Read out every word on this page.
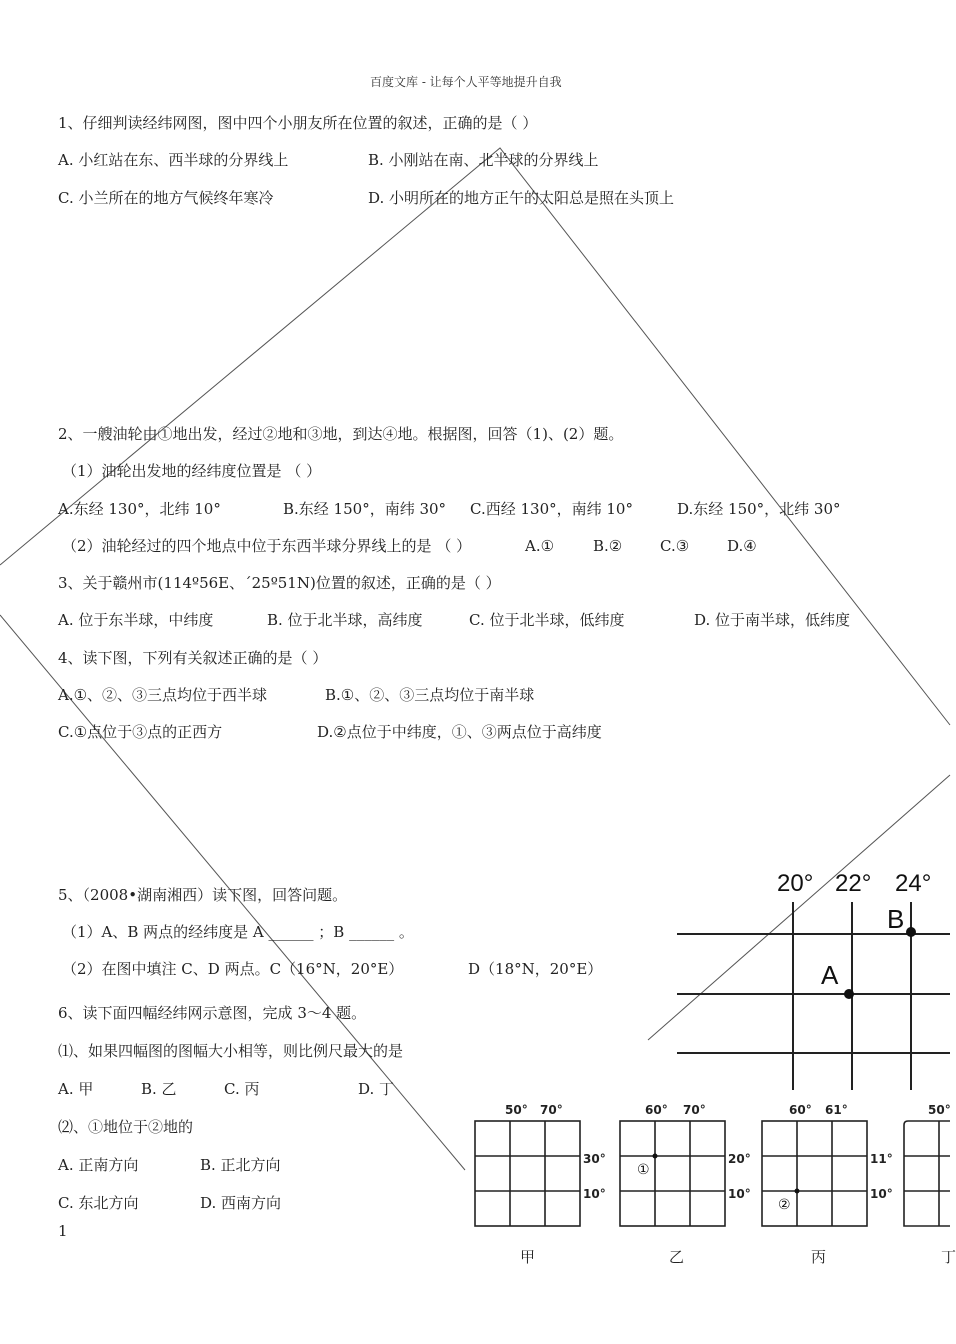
百度文库 - 让每个人平等地提升自我
1、仔细判读经纬网图，图中四个小朋友所在位置的叙述，正确的是（ ）
A. 小红站在东、西半球的分界线上	B. 小刚站在南、北半球的分界线上
C. 小兰所在的地方气候终年寒冷	D. 小明所在的地方正午的太阳总是照在头顶上
2、一艘油轮由①地出发，经过②地和③地，到达④地。根据图，回答（1)、(2）题。
（1）油轮出发地的经纬度位置是 （ ）
A.东经 130°，北纬 10°	B.东经 150°，南纬 30° C.西经 130°，南纬 10°	D.东经 150°，北纬 30°
（2）油轮经过的四个地点中位于东西半球分界线上的是 （ ）	A.①	B.②	C.③	D.④
3、关于赣州市(114º56E、´25º51N)位置的叙述，正确的是（ ）
A. 位于东半球，中纬度	B. 位于北半球，高纬度	C. 位于北半球，低纬度	D. 位于南半球，低纬度
4、读下图，下列有关叙述正确的是（ ）
A.①、②、③三点均位于西半球	B.①、②、③三点均位于南半球
C.①点位于③点的正西方	D.②点位于中纬度，①、③两点位于高纬度
5、（2008•湖南湘西）读下图，回答问题。
（1）A、B 两点的经纬度是 A ______ ；B ______ 。
（2）在图中填注 C、D 两点。C（16°N，20°E）	D（18°N，20°E）
6、读下面四幅经纬网示意图，完成 3～4 题。
⑴、如果四幅图的图幅大小相等，则比例尺最大的是
A. 甲	B. 乙	C. 丙	D. 丁
⑵、①地位于②地的
A. 正南方向	B. 正北方向
C. 东北方向	D. 西南方向
1
20° 22° 24°
A
B
50° 70°
30°
10°
60° 70°
①
20°
10°
60° 61°
②
11°
10°
50°
甲	乙	丙	丁
